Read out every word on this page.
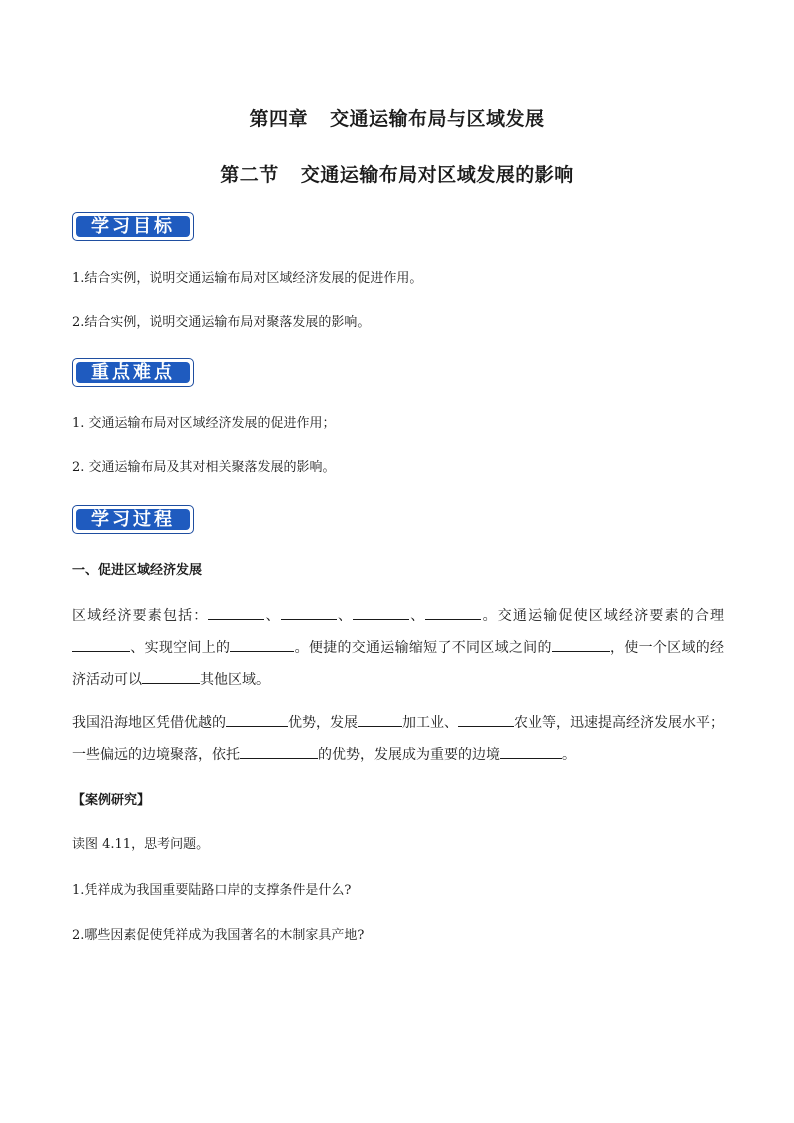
第四章 交通运输布局与区域发展
第二节 交通运输布局对区域发展的影响
学习目标
1.结合实例，说明交通运输布局对区域经济发展的促进作用。
2.结合实例，说明交通运输布局对聚落发展的影响。
重点难点
1. 交通运输布局对区域经济发展的促进作用；
2. 交通运输布局及其对相关聚落发展的影响。
学习过程
一、促进区域经济发展
区域经济要素包括：	、	、	、	。交通运输促使区域经济要素的合理、实现空间上的	。便捷的交通运输缩短了不同区域之间的	，使一个区域的经济活动可以	其他区域。
我国沿海地区凭借优越的	优势，发展	加工业、	农业等，迅速提高经济发展水平；一些偏远的边境聚落，依托	的优势，发展成为重要的边境	。
【案例研究】
读图 4.11，思考问题。
1.凭祥成为我国重要陆路口岸的支撑条件是什么?
2.哪些因素促使凭祥成为我国著名的木制家具产地?
